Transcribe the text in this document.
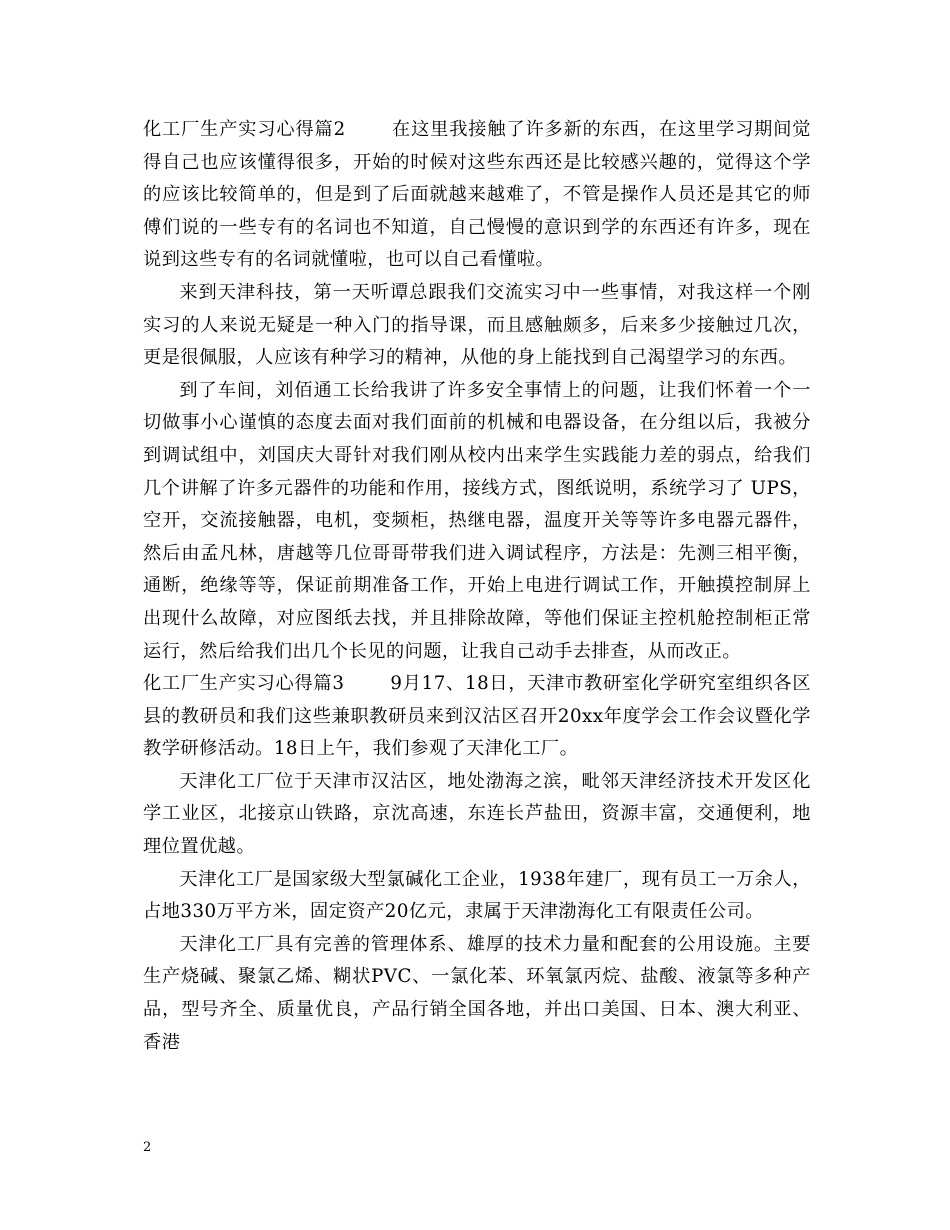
化工厂生产实习心得篇2	在这里我接触了许多新的东西，在这里学习期间觉得自己也应该懂得很多，开始的时候对这些东西还是比较感兴趣的，觉得这个学的应该比较简单的，但是到了后面就越来越难了，不管是操作人员还是其它的师傅们说的一些专有的名词也不知道，自己慢慢的意识到学的东西还有许多，现在说到这些专有的名词就懂啦，也可以自己看懂啦。

来到天津科技，第一天听谭总跟我们交流实习中一些事情，对我这样一个刚实习的人来说无疑是一种入门的指导课，而且感触颇多，后来多少接触过几次，更是很佩服，人应该有种学习的精神，从他的身上能找到自己渴望学习的东西。

到了车间，刘佰通工长给我讲了许多安全事情上的问题，让我们怀着一个一切做事小心谨慎的态度去面对我们面前的机械和电器设备，在分组以后，我被分到调试组中，刘国庆大哥针对我们刚从校内出来学生实践能力差的弱点，给我们几个讲解了许多元器件的功能和作用，接线方式，图纸说明，系统学习了 UPS，空开，交流接触器，电机，变频柜，热继电器，温度开关等等许多电器元器件，然后由孟凡林，唐越等几位哥哥带我们进入调试程序，方法是：先测三相平衡，通断，绝缘等等，保证前期准备工作，开始上电进行调试工作，开触摸控制屏上出现什么故障，对应图纸去找，并且排除故障，等他们保证主控机舱控制柜正常运行，然后给我们出几个长见的问题，让我自己动手去排查，从而改正。

化工厂生产实习心得篇3	9月17、18日，天津市教研室化学研究室组织各区县的教研员和我们这些兼职教研员来到汉沽区召开20xx年度学会工作会议暨化学教学研修活动。18日上午，我们参观了天津化工厂。

天津化工厂位于天津市汉沽区，地处渤海之滨，毗邻天津经济技术开发区化学工业区，北接京山铁路，京沈高速，东连长芦盐田，资源丰富，交通便利，地理位置优越。

天津化工厂是国家级大型氯碱化工企业，1938年建厂，现有员工一万余人，占地330万平方米，固定资产20亿元，隶属于天津渤海化工有限责任公司。

天津化工厂具有完善的管理体系、雄厚的技术力量和配套的公用设施。主要生产烧碱、聚氯乙烯、糊状PVC、一氯化苯、环氧氯丙烷、盐酸、液氯等多种产品，型号齐全、质量优良，产品行销全国各地，并出口美国、日本、澳大利亚、香港

2
